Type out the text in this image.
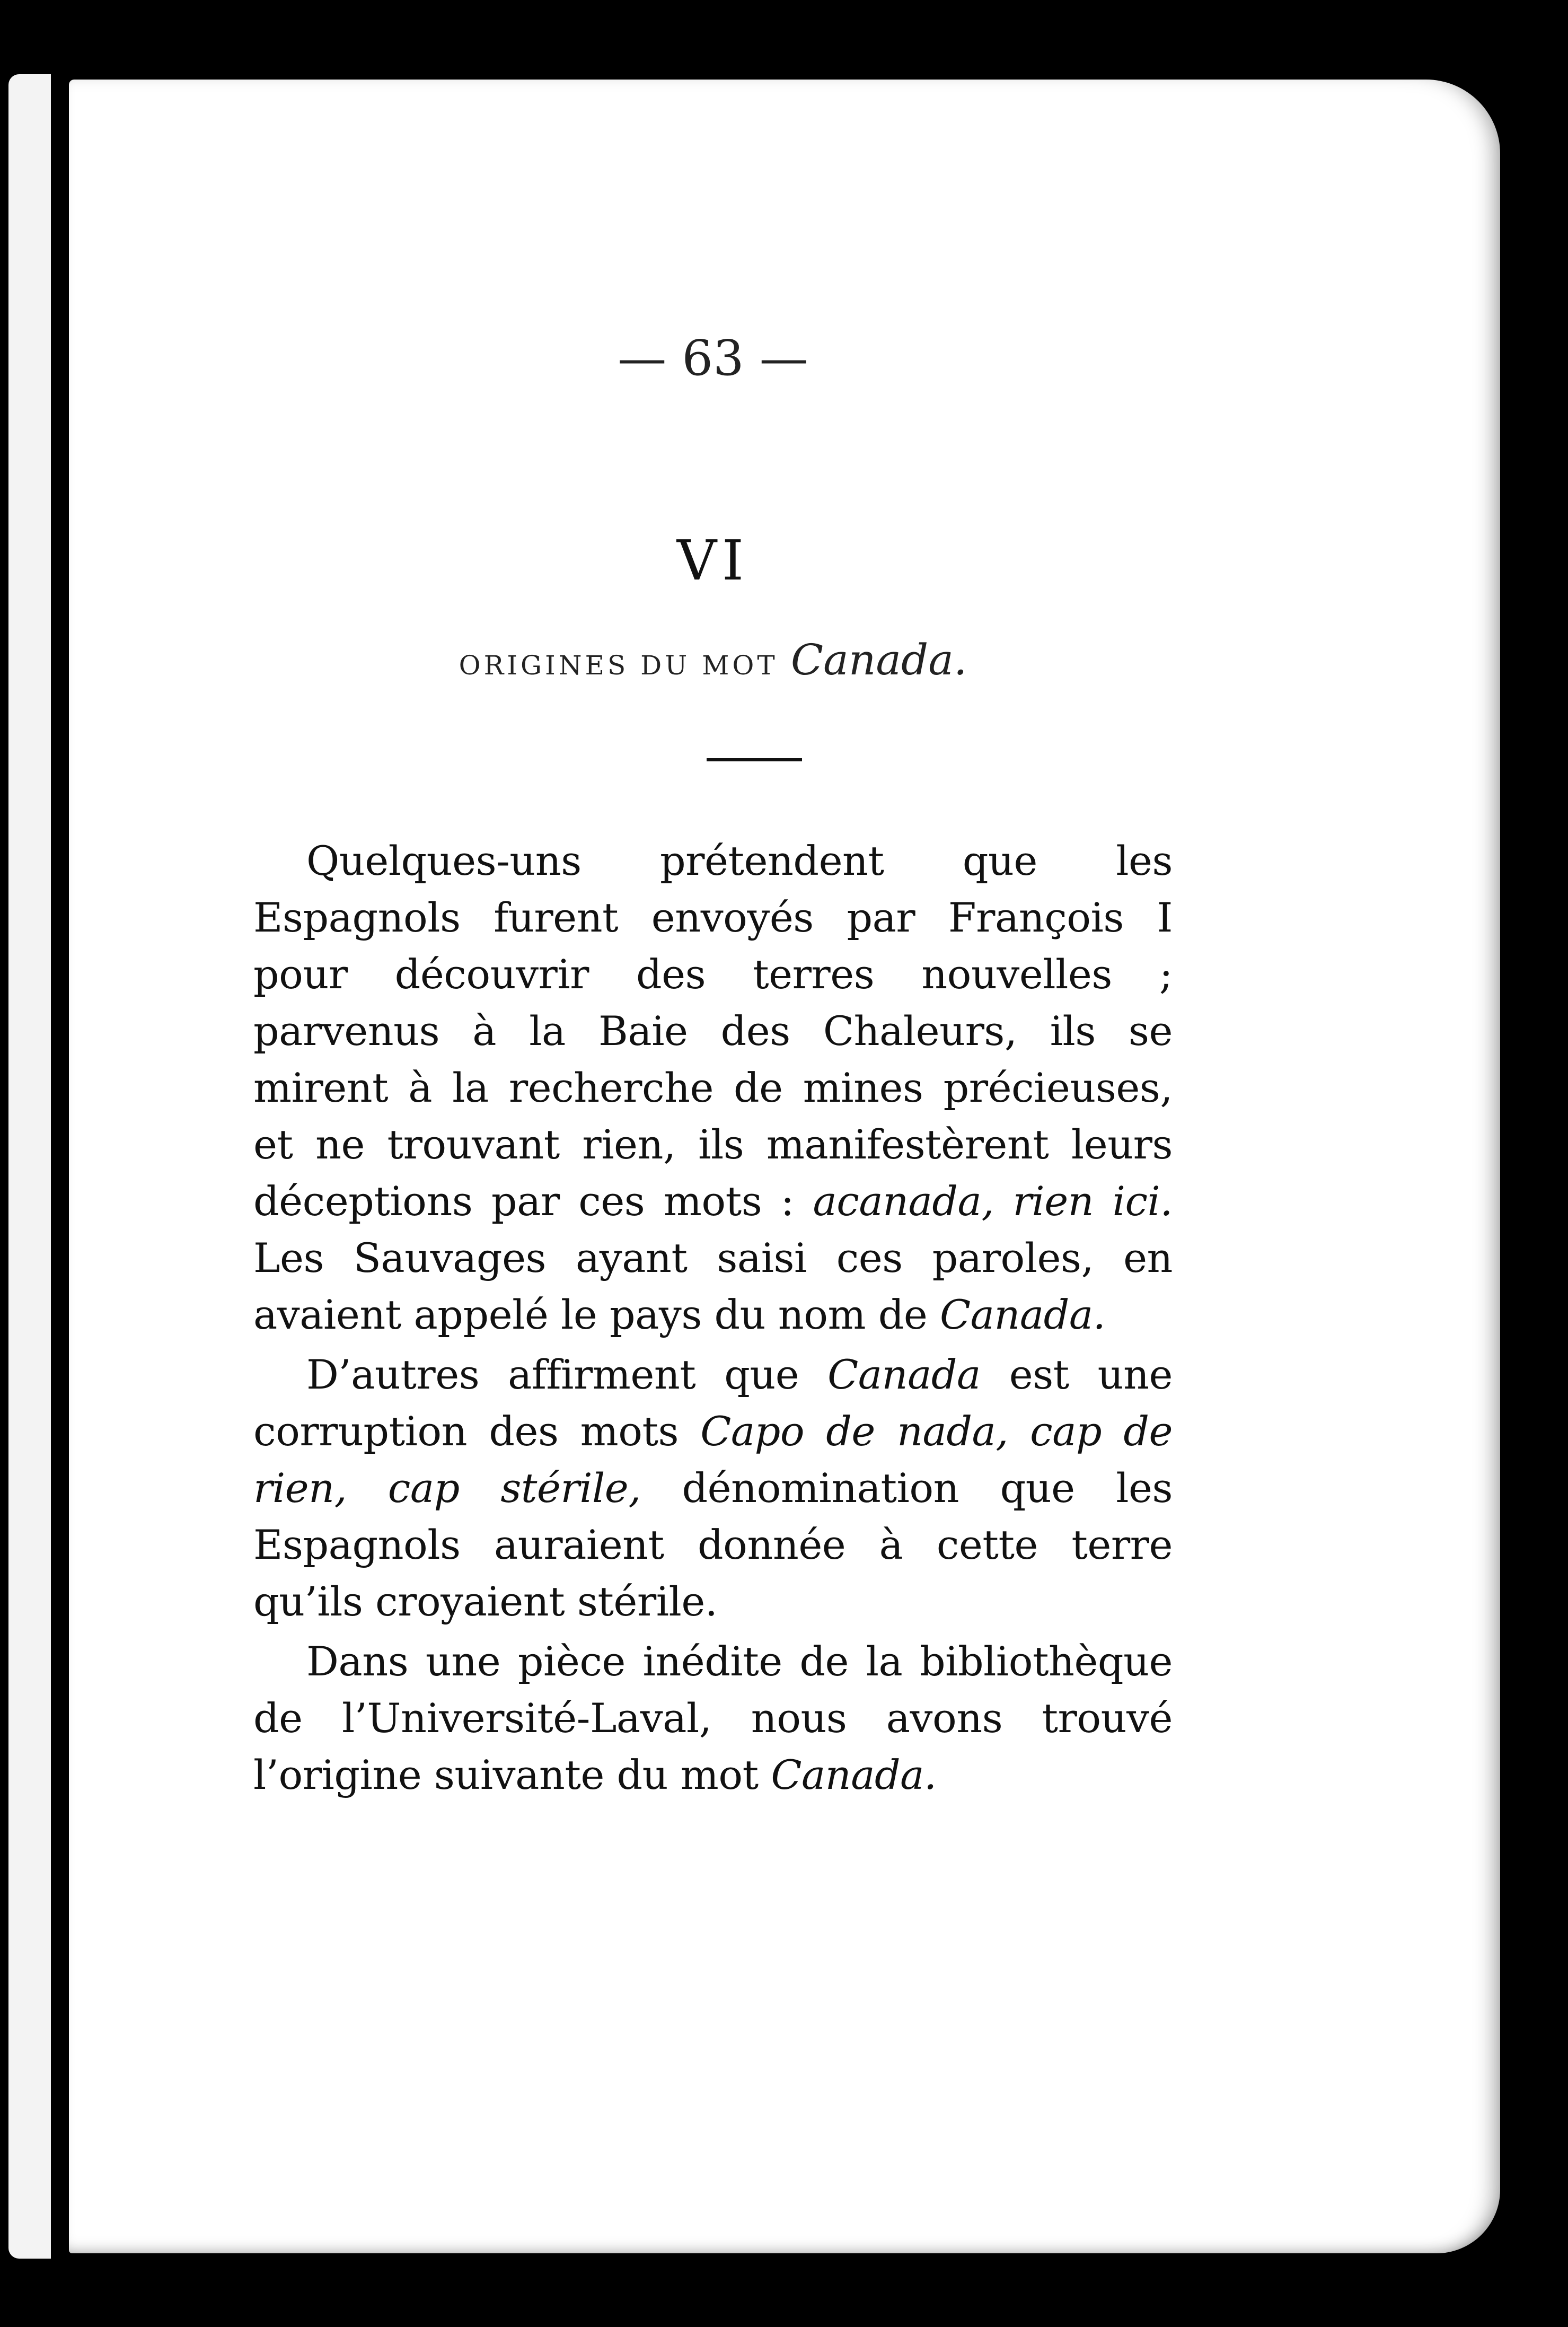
— 63 —
VI
ORIGINES DU MOT Canada.

Quelques-uns prétendent que les Espagnols furent envoyés par François I pour découvrir des terres nouvelles ; parvenus à la Baie des Chaleurs, ils se mirent à la recherche de mines précieuses, et ne trouvant rien, ils manifestèrent leurs déceptions par ces mots : acanada, rien ici. Les Sauvages ayant saisi ces paroles, en avaient appelé le pays du nom de Canada.

D’autres affirment que Canada est une corruption des mots Capo de nada, cap de rien, cap stérile, dénomination que les Espagnols auraient donnée à cette terre qu’ils croyaient stérile.

Dans une pièce inédite de la bibliothèque de l’Université-Laval, nous avons trouvé l’origine suivante du mot Canada.
